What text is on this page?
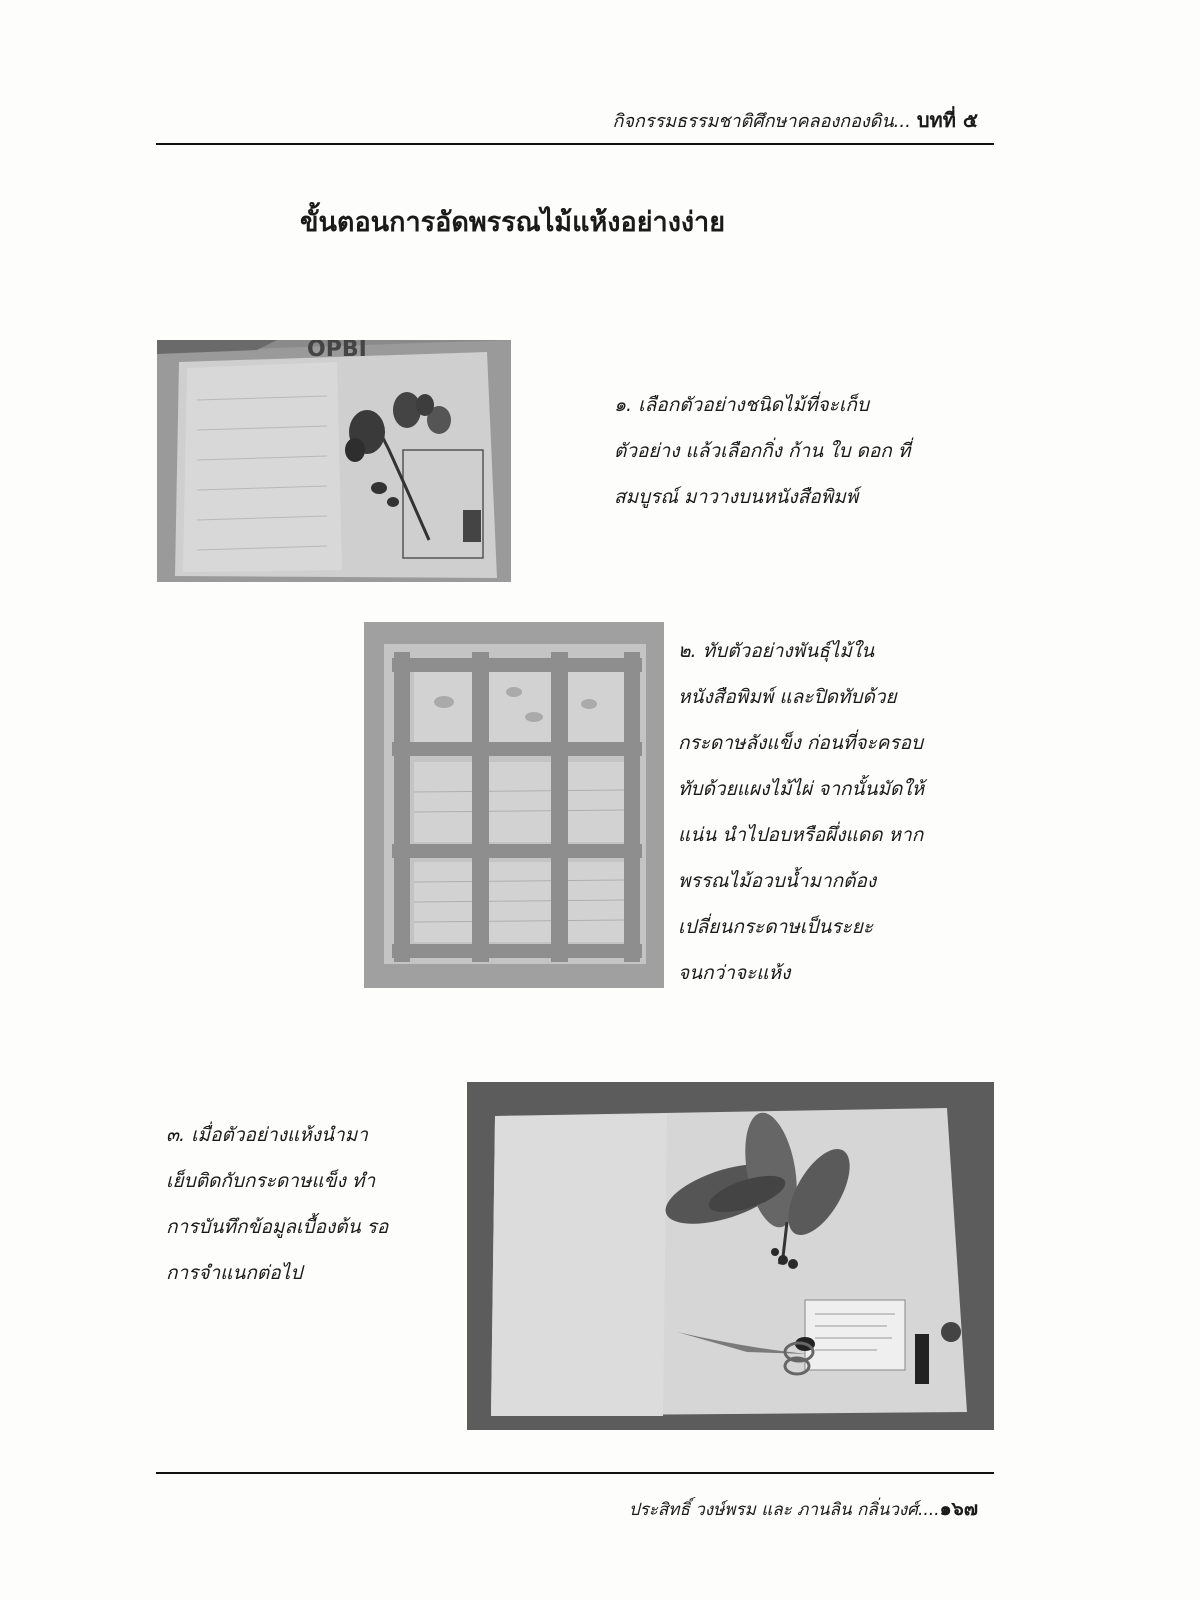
กิจกรรมธรรมชาติศึกษาคลองกองดิน... บทที่ ๕
ขั้นตอนการอัดพรรณไม้แห้งอย่างง่าย
OPBI
๑. เลือกตัวอย่างชนิดไม้ที่จะเก็บ
ตัวอย่าง แล้วเลือกกิ่ง ก้าน ใบ ดอก ที่
สมบูรณ์ มาวางบนหนังสือพิมพ์
๒. ทับตัวอย่างพันธุ์ไม้ใน
หนังสือพิมพ์ และปิดทับด้วย
กระดาษลังแข็ง ก่อนที่จะครอบ
ทับด้วยแผงไม้ไผ่ จากนั้นมัดให้
แน่น นำไปอบหรือผึ่งแดด หาก
พรรณไม้อวบน้ำมากต้อง
เปลี่ยนกระดาษเป็นระยะ
จนกว่าจะแห้ง
๓. เมื่อตัวอย่างแห้งนำมา
เย็บติดกับกระดาษแข็ง ทำ
การบันทึกข้อมูลเบื้องต้น รอ
การจำแนกต่อไป
ประสิทธิ์ วงษ์พรม และ ภานลิน กลิ่นวงศ์....๑๖๗
